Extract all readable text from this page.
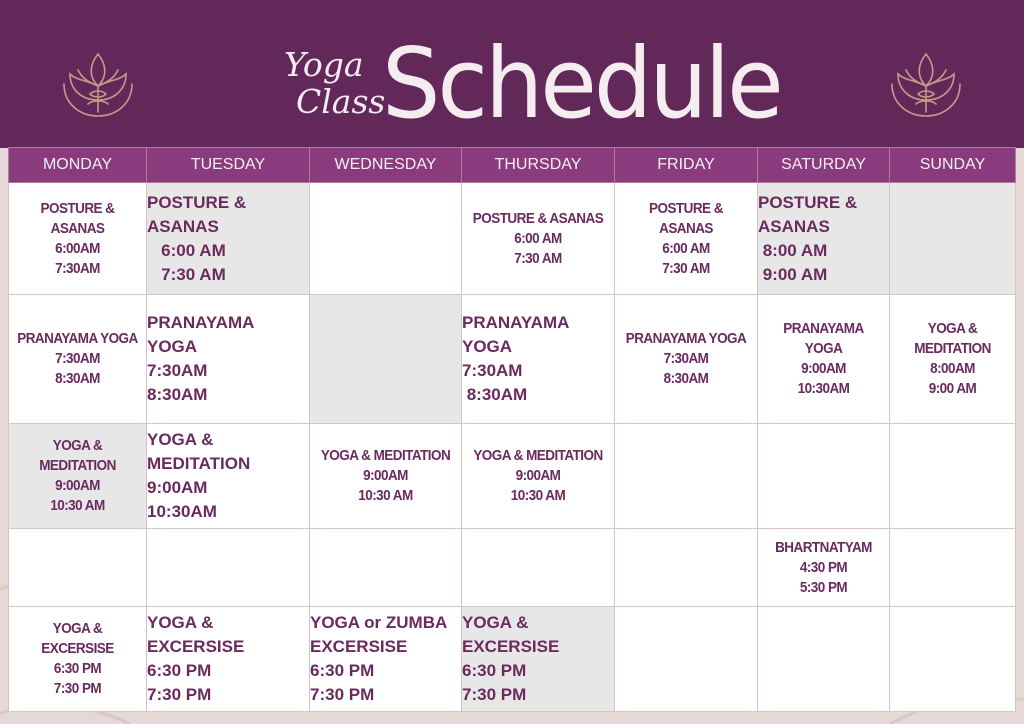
Yoga
Class
Schedule
MONDAY	TUESDAY	WEDNESDAY	THURSDAY	FRIDAY	SATURDAY	SUNDAY

POSTURE & ASANAS
6:00AM
7:30AM	POSTURE &
ASANAS
6:00 AM
7:30 AM		POSTURE & ASANAS
6:00 AM
7:30 AM	POSTURE & ASANAS
6:00 AM
7:30 AM	POSTURE &
ASANAS
8:00 AM
9:00 AM	

PRANAYAMA YOGA
7:30AM
8:30AM	PRANAYAMA
YOGA
7:30AM
8:30AM		PRANAYAMA
YOGA
7:30AM
8:30AM	PRANAYAMA YOGA
7:30AM
8:30AM	PRANAYAMA
YOGA
9:00AM
10:30AM	YOGA &
MEDITATION
8:00AM
9:00 AM

YOGA & MEDITATION
9:00AM
10:30 AM	YOGA &
MEDITATION
9:00AM
10:30AM	YOGA & MEDITATION
9:00AM
10:30 AM	YOGA & MEDITATION
9:00AM
10:30 AM			

					BHARTNATYAM
4:30 PM
5:30 PM	

YOGA & EXCERSISE
6:30 PM
7:30 PM	YOGA &
EXCERSISE
6:30 PM
7:30 PM	YOGA or ZUMBA
EXCERSISE
6:30 PM
7:30 PM	YOGA &
EXCERSISE
6:30 PM
7:30 PM			
